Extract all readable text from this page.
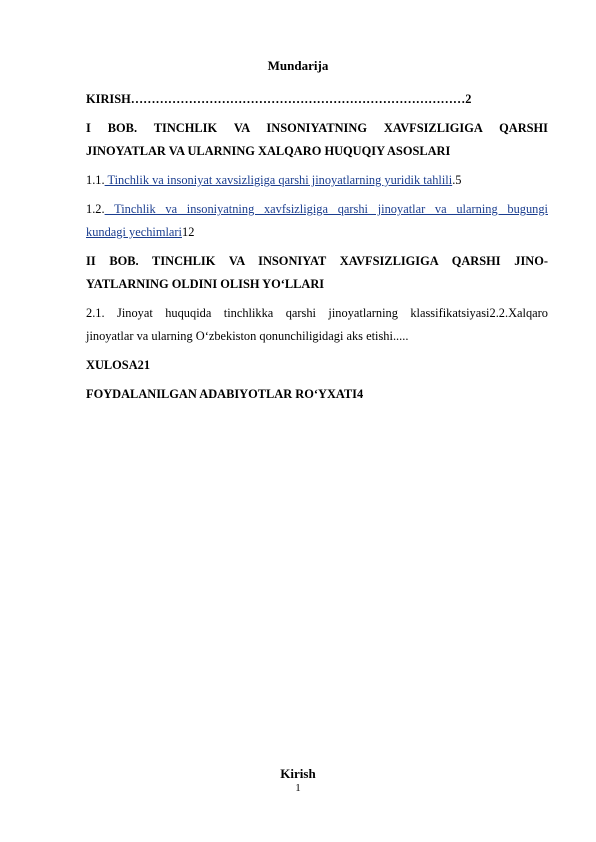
Mundarija
KIRISH………………………………………………………………………2
I BOB. TINCHLIK VA INSONIYATNING XAVFSIZLIGIGA QARSHI
JINOYATLAR VA ULARNING XALQARO HUQUQIY ASOSLARI
1.1. Tinchlik va insoniyat xavsizligiga qarshi jinoyatlarning yuridik tahlili.5
1.2. Tinchlik va insoniyatning xavfsizligiga qarshi jinoyatlar va ularning bugungi
kundagi yechimlari12
II BOB. TINCHLIK VA INSONIYAT XAVFSIZLIGIGA QARSHI JINO-
YATLARNING OLDINI OLISH YO‘LLARI
2.1. Jinoyat huquqida tinchlikka qarshi jinoyatlarning klassifikatsiyasi2.2.Xalqaro
jinoyatlar va ularning O‘zbekiston qonunchiligidagi aks etishi.....
XULOSA21
FOYDALANILGAN ADABIYOTLAR RO‘YXATI4
Kirish
1
